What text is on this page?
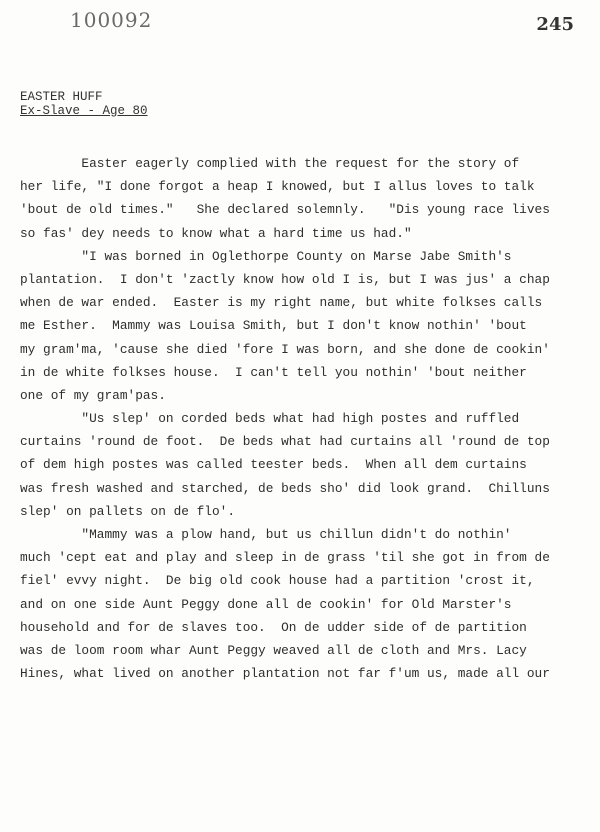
100092	245
EASTER HUFF
Ex-Slave - Age 80
Easter eagerly complied with the request for the story of
her life, "I done forgot a heap I knowed, but I allus loves to talk
'bout de old times."   She declared solemnly.   "Dis young race lives
so fas' dey needs to know what a hard time us had."
"I was borned in Oglethorpe County on Marse Jabe Smith's
plantation.  I don't 'zactly know how old I is, but I was jus' a chap
when de war ended.  Easter is my right name, but white folkses calls
me Esther.  Mammy was Louisa Smith, but I don't know nothin' 'bout
my gram'ma, 'cause she died 'fore I was born, and she done de cookin'
in de white folkses house.  I can't tell you nothin' 'bout neither
one of my gram'pas.
"Us slep' on corded beds what had high postes and ruffled
curtains 'round de foot.  De beds what had curtains all 'round de top
of dem high postes was called teester beds.  When all dem curtains
was fresh washed and starched, de beds sho' did look grand.  Chilluns
slep' on pallets on de flo'.
"Mammy was a plow hand, but us chillun didn't do nothin'
much 'cept eat and play and sleep in de grass 'til she got in from de
fiel' evvy night.  De big old cook house had a partition 'crost it,
and on one side Aunt Peggy done all de cookin' for Old Marster's
household and for de slaves too.  On de udder side of de partition
was de loom room whar Aunt Peggy weaved all de cloth and Mrs. Lacy
Hines, what lived on another plantation not far f'um us, made all our
